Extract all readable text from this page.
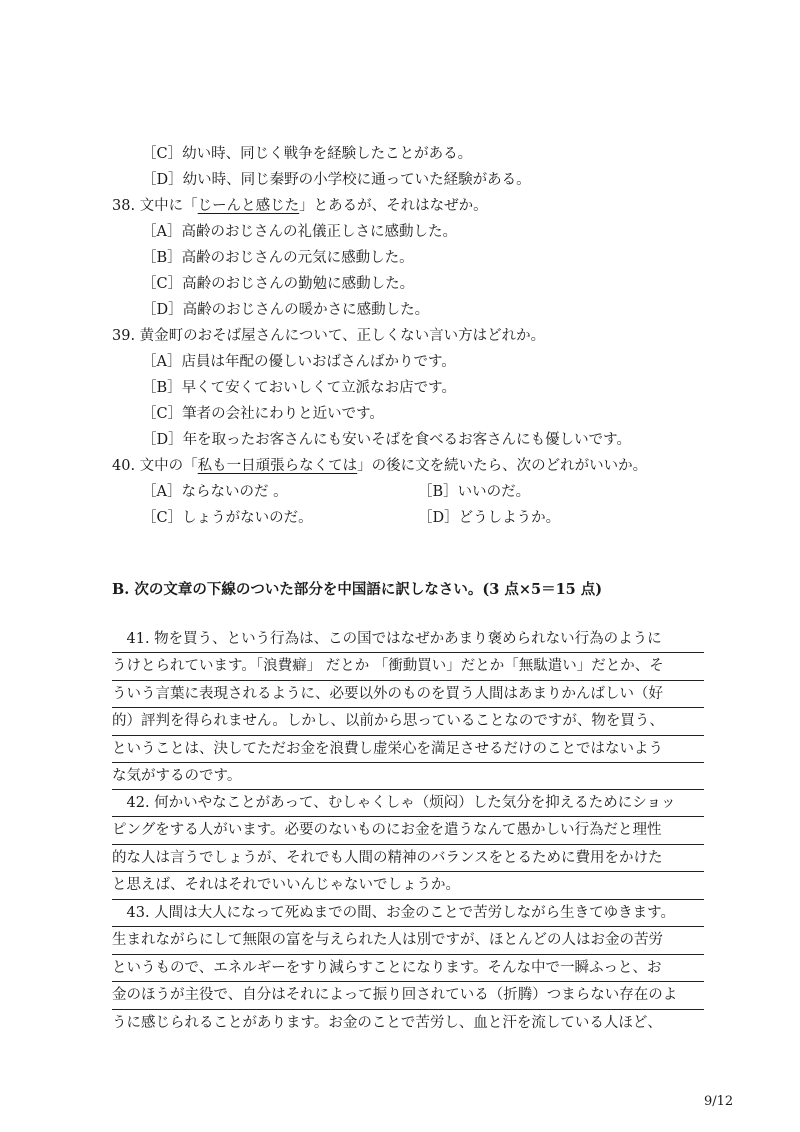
［C］幼い時、同じく戦争を経験したことがある。
［D］幼い時、同じ秦野の小学校に通っていた経験がある。
38. 文中に「じーんと感じた」とあるが、それはなぜか。
［A］高齢のおじさんの礼儀正しさに感動した。
［B］高齢のおじさんの元気に感動した。
［C］高齢のおじさんの勤勉に感動した。
［D］高齢のおじさんの暖かさに感動した。
39. 黄金町のおそば屋さんについて、正しくない言い方はどれか。
［A］店員は年配の優しいおばさんばかりです。
［B］早くて安くておいしくて立派なお店です。
［C］筆者の会社にわりと近いです。
［D］年を取ったお客さんにも安いそばを食べるお客さんにも優しいです。
40. 文中の「私も一日頑張らなくては」の後に文を続いたら、次のどれがいいか。
［A］ならないのだ 。	［B］いいのだ。
［C］しょうがないのだ。	［D］どうしようか。
B. 次の文章の下線のついた部分を中国語に訳しなさい。(3 点×5＝15 点)
　41. 物を買う、という行為は、この国ではなぜかあまり褒められない行為のように
うけとられています。「浪費癖」 だとか 「衝動買い」だとか「無駄遣い」だとか、そ
ういう言葉に表現されるように、必要以外のものを買う人間はあまりかんばしい（好
的）評判を得られません。しかし、以前から思っていることなのですが、物を買う、
ということは、決してただお金を浪費し虚栄心を満足させるだけのことではないよう
な気がするのです。
　42. 何かいやなことがあって、むしゃくしゃ（烦闷）した気分を抑えるためにショッ
ピングをする人がいます。必要のないものにお金を遣うなんて愚かしい行為だと理性
的な人は言うでしょうが、それでも人間の精神のバランスをとるために費用をかけた
と思えば、それはそれでいいんじゃないでしょうか。
　43. 人間は大人になって死ぬまでの間、お金のことで苦労しながら生きてゆきます。
生まれながらにして無限の富を与えられた人は別ですが、ほとんどの人はお金の苦労
というもので、エネルギーをすり減らすことになります。そんな中で一瞬ふっと、お
金のほうが主役で、自分はそれによって振り回されている（折腾）つまらない存在のよ
うに感じられることがあります。お金のことで苦労し、血と汗を流している人ほど、
9/12
